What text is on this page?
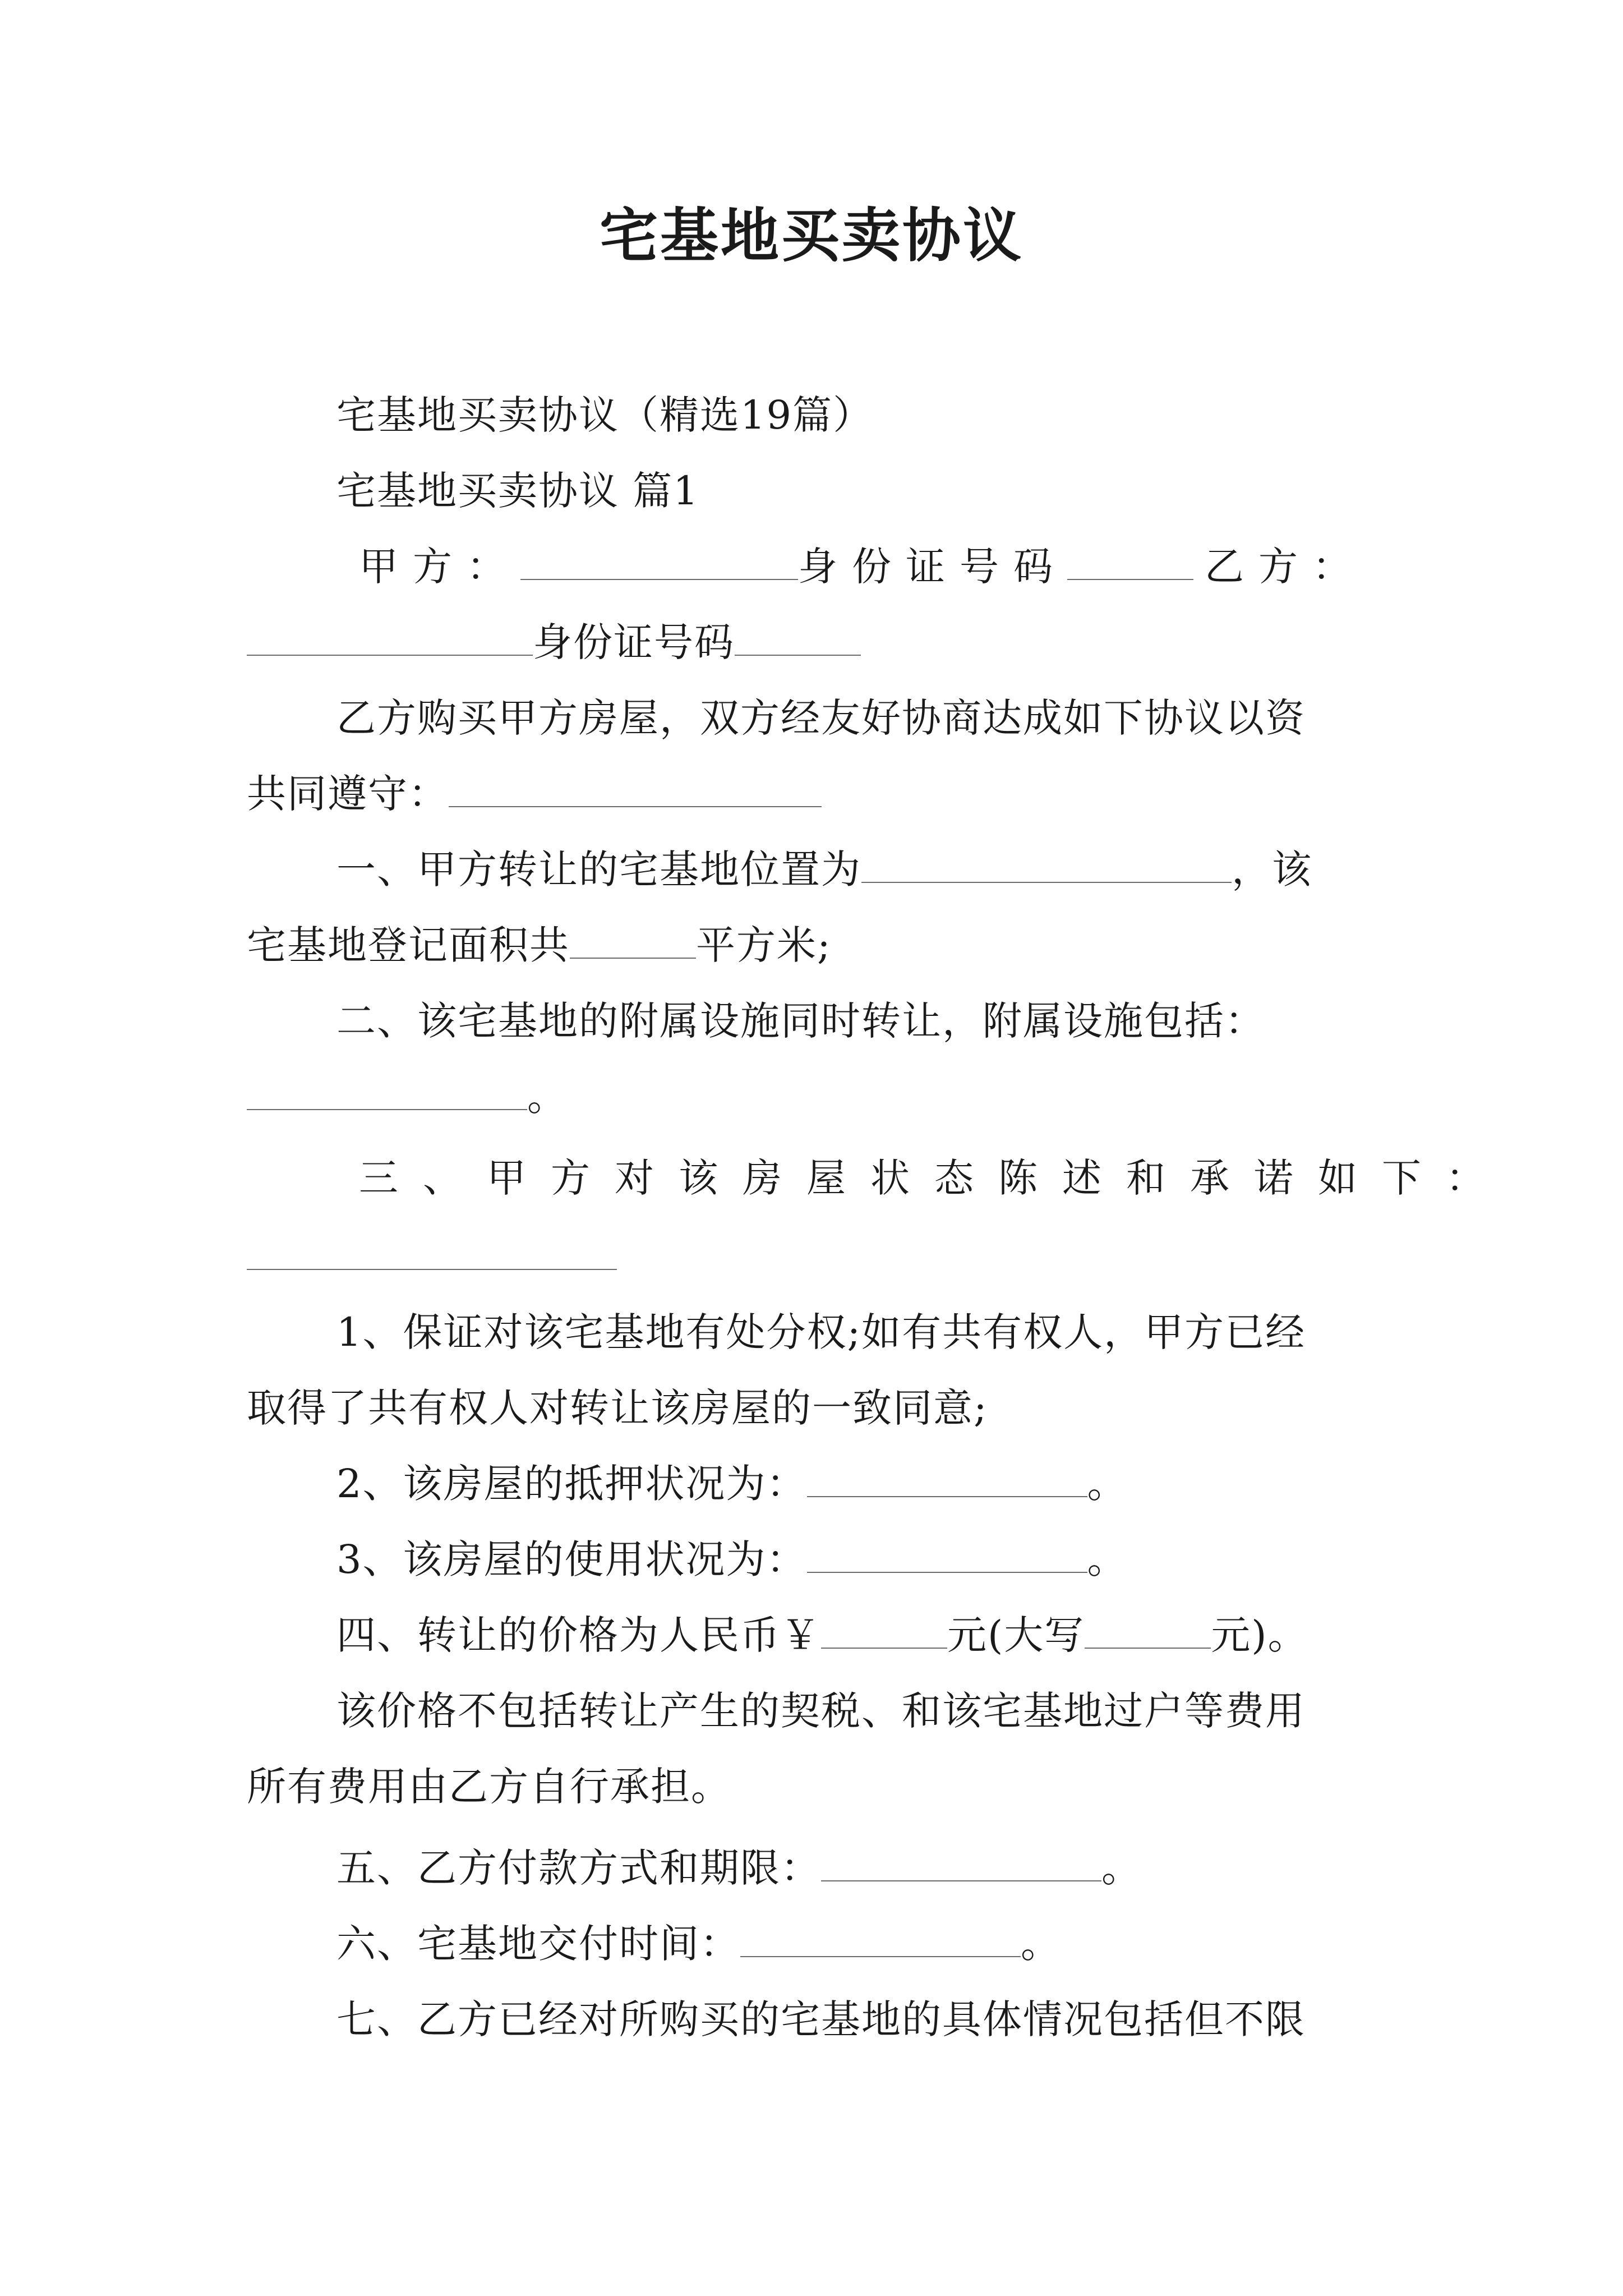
宅基地买卖协议
宅基地买卖协议（精选19篇）
宅基地买卖协议 篇1
甲方：	身份证号码	乙方：
身份证号码
乙方购买甲方房屋，双方经友好协商达成如下协议以资
共同遵守：
一、甲方转让的宅基地位置为	，该
宅基地登记面积共	平方米;
二、该宅基地的附属设施同时转让，附属设施包括：
。
三、甲方对该房屋状态陈述和承诺如下：
1、保证对该宅基地有处分权;如有共有权人，甲方已经
取得了共有权人对转让该房屋的一致同意;
2、该房屋的抵押状况为：	。
3、该房屋的使用状况为：	。
四、转让的价格为人民币￥	元(大写	元)。
该价格不包括转让产生的契税、和该宅基地过户等费用
所有费用由乙方自行承担。
五、乙方付款方式和期限：	。
六、宅基地交付时间：	。
七、乙方已经对所购买的宅基地的具体情况包括但不限
